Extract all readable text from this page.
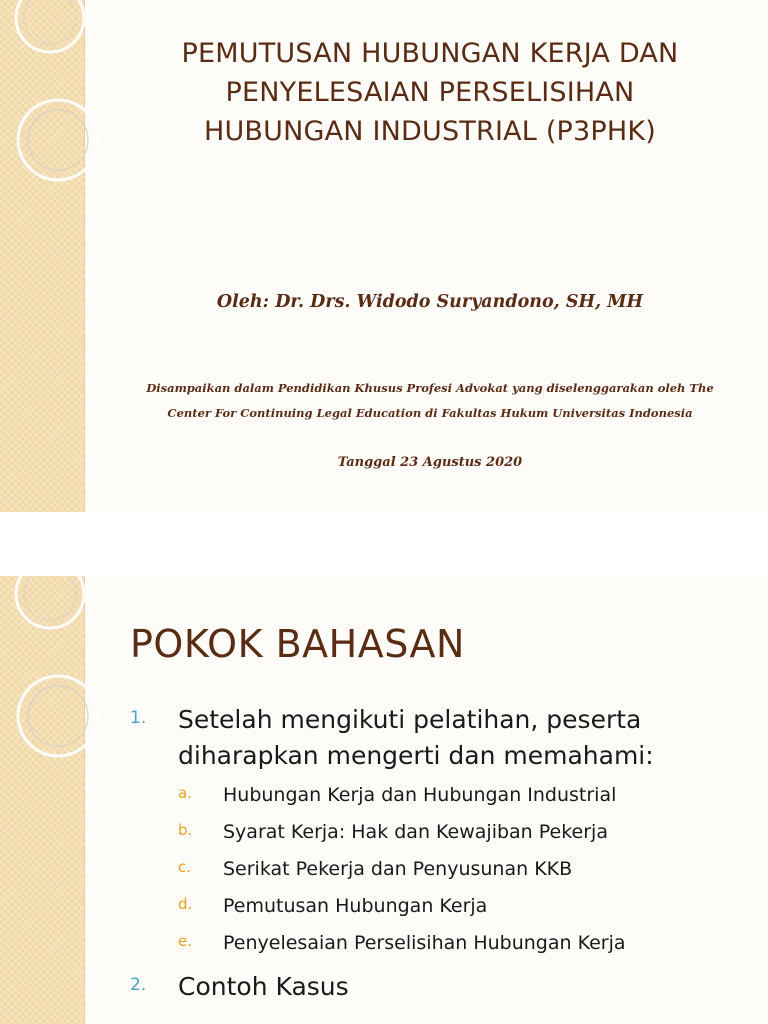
PEMUTUSAN HUBUNGAN KERJA DAN
PENYELESAIAN PERSELISIHAN
HUBUNGAN INDUSTRIAL (P3PHK)
Oleh: Dr. Drs. Widodo Suryandono, SH, MH
Disampaikan dalam Pendidikan Khusus Profesi Advokat yang diselenggarakan oleh The
Center For Continuing Legal Education di Fakultas Hukum Universitas Indonesia
Tanggal 23 Agustus 2020
POKOK BAHASAN
1. Setelah mengikuti pelatihan, peserta
diharapkan mengerti dan memahami:
a. Hubungan Kerja dan Hubungan Industrial
b. Syarat Kerja: Hak dan Kewajiban Pekerja
c. Serikat Pekerja dan Penyusunan KKB
d. Pemutusan Hubungan Kerja
e. Penyelesaian Perselisihan Hubungan Kerja
2. Contoh Kasus
